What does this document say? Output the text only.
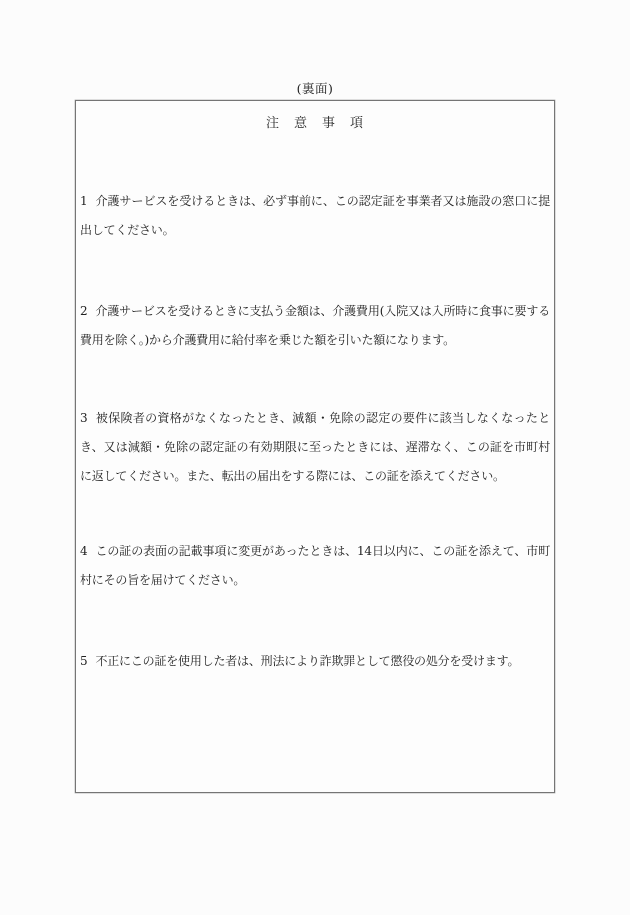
(裏面)
注　意　事　項

1 介護サービスを受けるときは、必ず事前に、この認定証を事業者又は施設の窓口に提出してください。

2 介護サービスを受けるときに支払う金額は、介護費用(入院又は入所時に食事に要する費用を除く。)から介護費用に給付率を乗じた額を引いた額になります。

3 被保険者の資格がなくなったとき、減額・免除の認定の要件に該当しなくなったとき、又は減額・免除の認定証の有効期限に至ったときには、遅滞なく、この証を市町村に返してください。また、転出の届出をする際には、この証を添えてください。

4 この証の表面の記載事項に変更があったときは、14日以内に、この証を添えて、市町村にその旨を届けてください。

5 不正にこの証を使用した者は、刑法により詐欺罪として懲役の処分を受けます。
